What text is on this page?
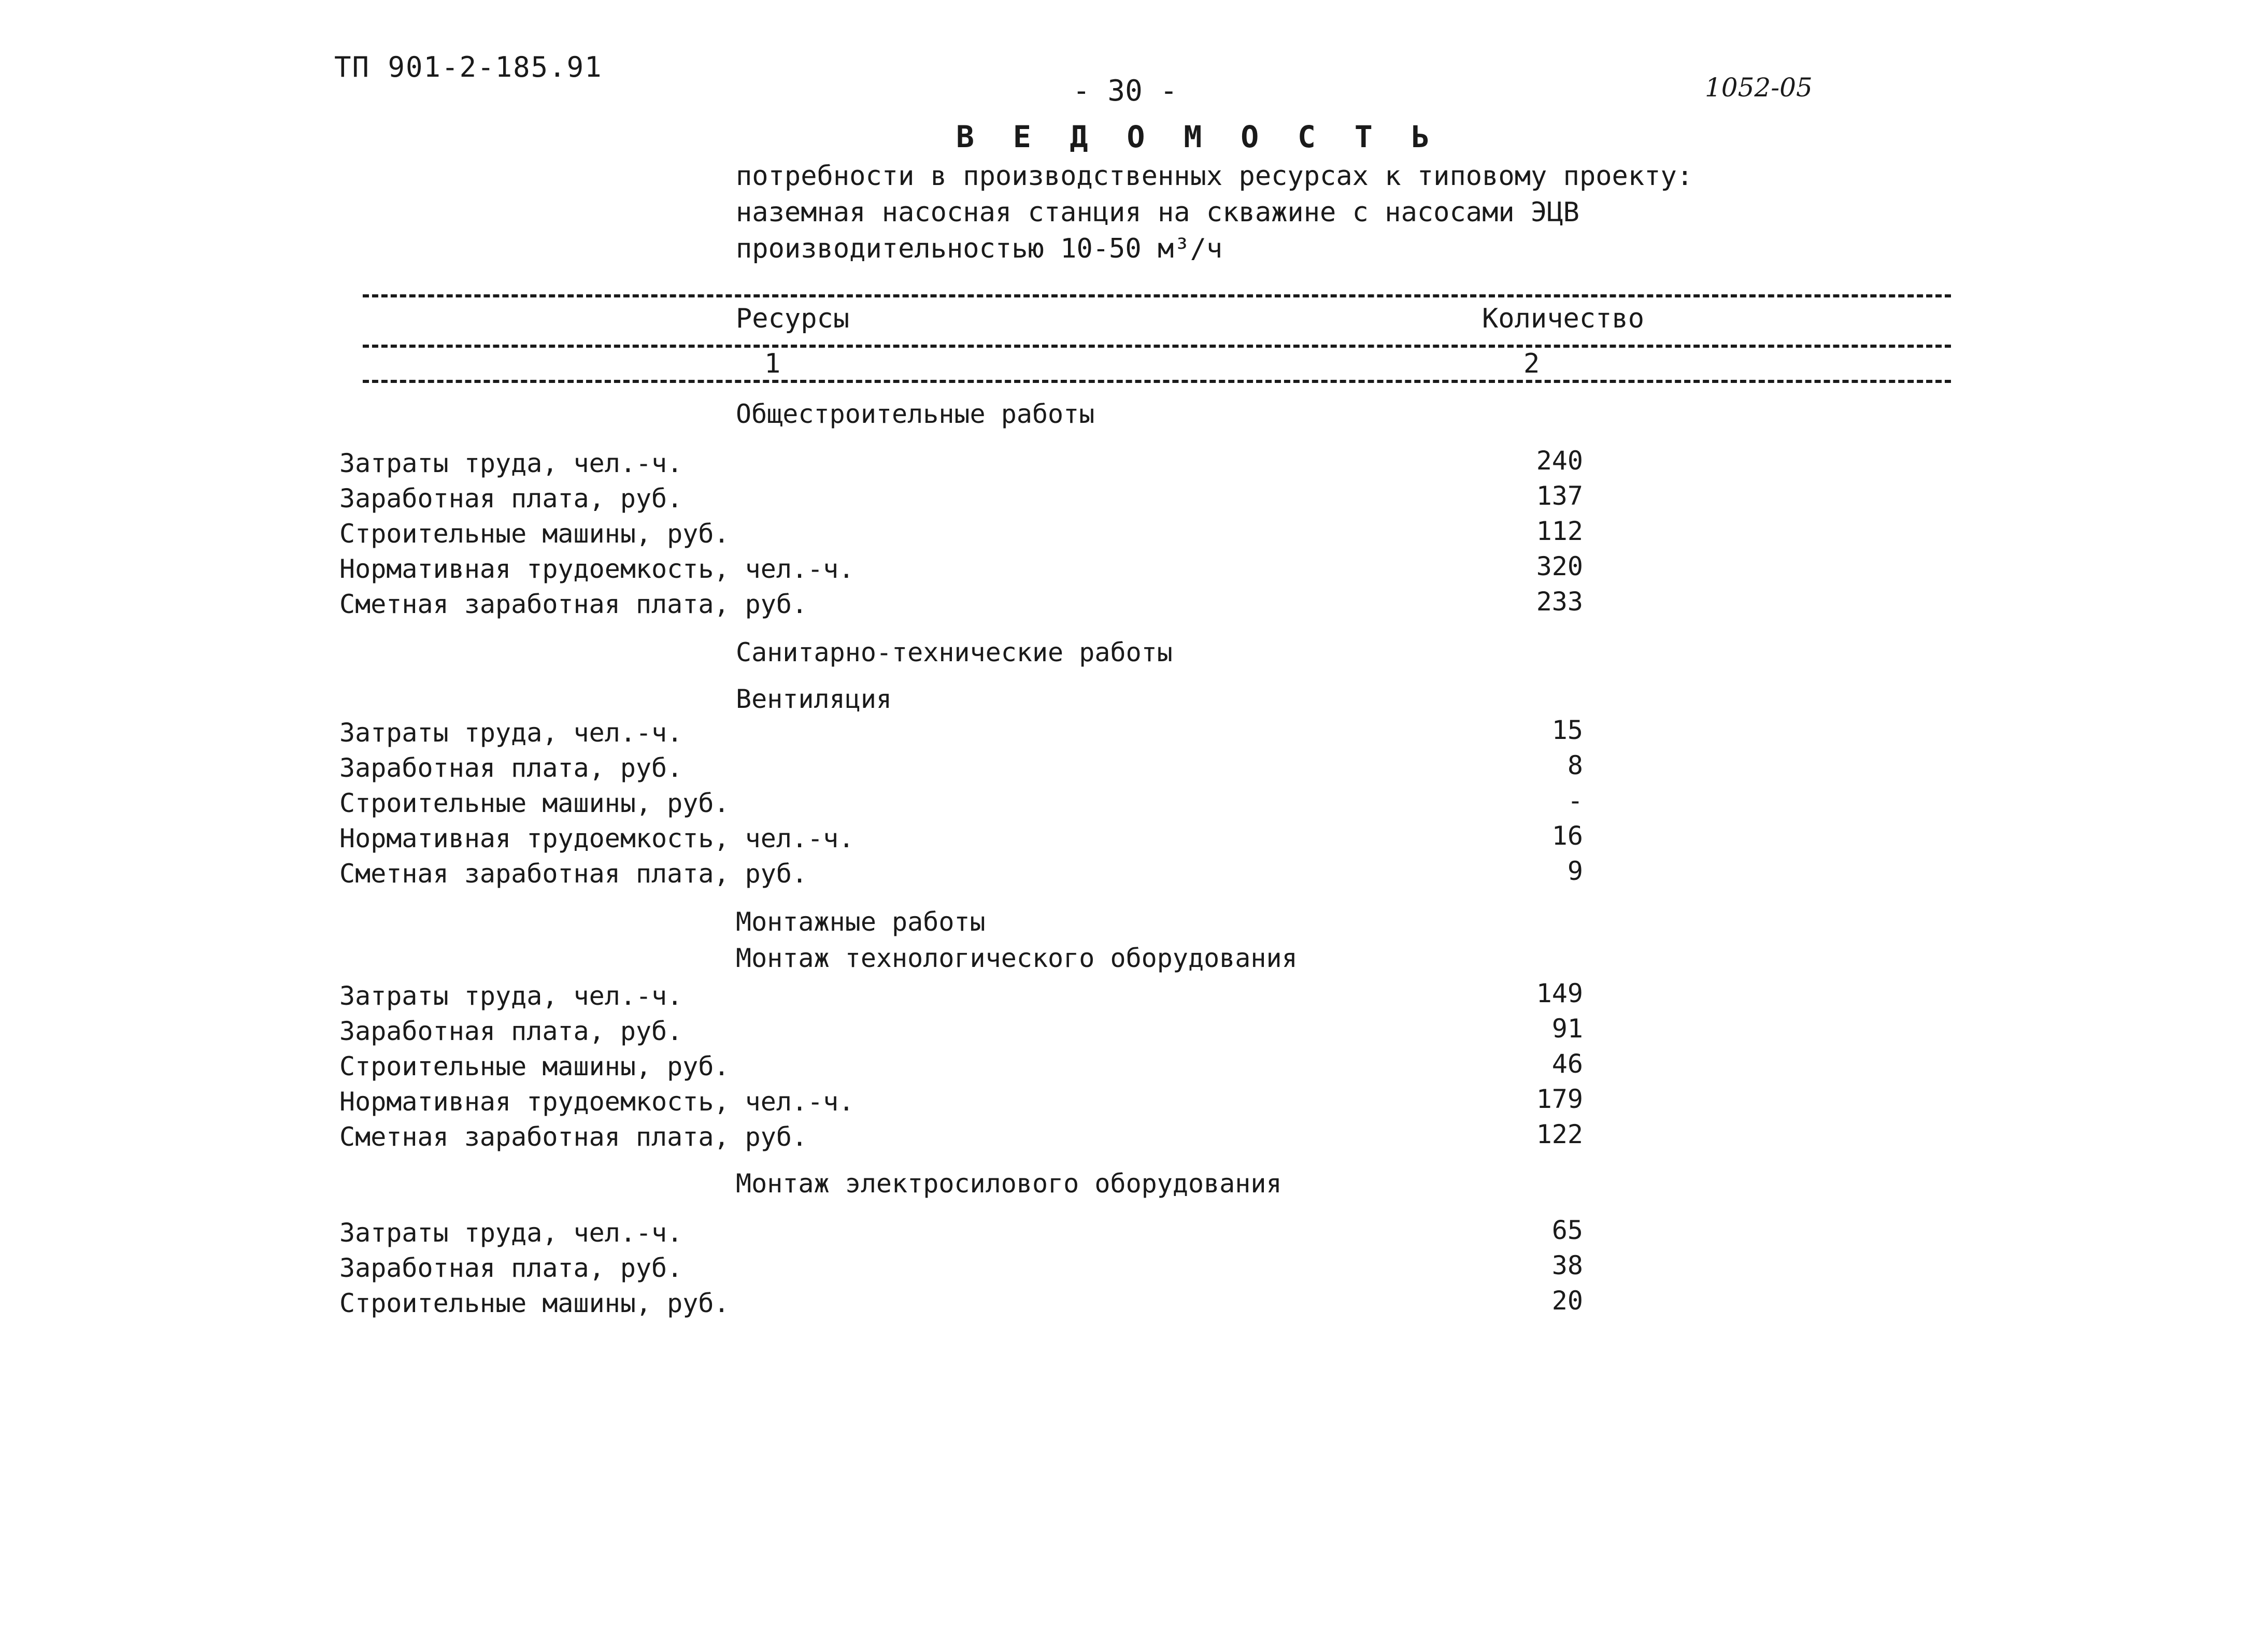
ТП 901-2-185.91
- 30 -	1052-05
В Е Д О М О С Т Ь
потребности в производственных ресурсах к типовому проекту:
наземная насосная станция на скважине с насосами ЭЦВ
производительностью 10-50 м³/ч
Ресурсы	Количество
1	2
Общестроительные работы
Затраты труда, чел.-ч.	240
Заработная плата, руб.	137
Строительные машины, руб.	112
Нормативная трудоемкость, чел.-ч.	320
Сметная заработная плата, руб.	233
Санитарно-технические работы
Вентиляция
Затраты труда, чел.-ч.	15
Заработная плата, руб.	8
Строительные машины, руб.	-
Нормативная трудоемкость, чел.-ч.	16
Сметная заработная плата, руб.	9
Монтажные работы
Монтаж технологического оборудования
Затраты труда, чел.-ч.	149
Заработная плата, руб.	91
Строительные машины, руб.	46
Нормативная трудоемкость, чел.-ч.	179
Сметная заработная плата, руб.	122
Монтаж электросилового оборудования
Затраты труда, чел.-ч.	65
Заработная плата, руб.	38
Строительные машины, руб.	20
